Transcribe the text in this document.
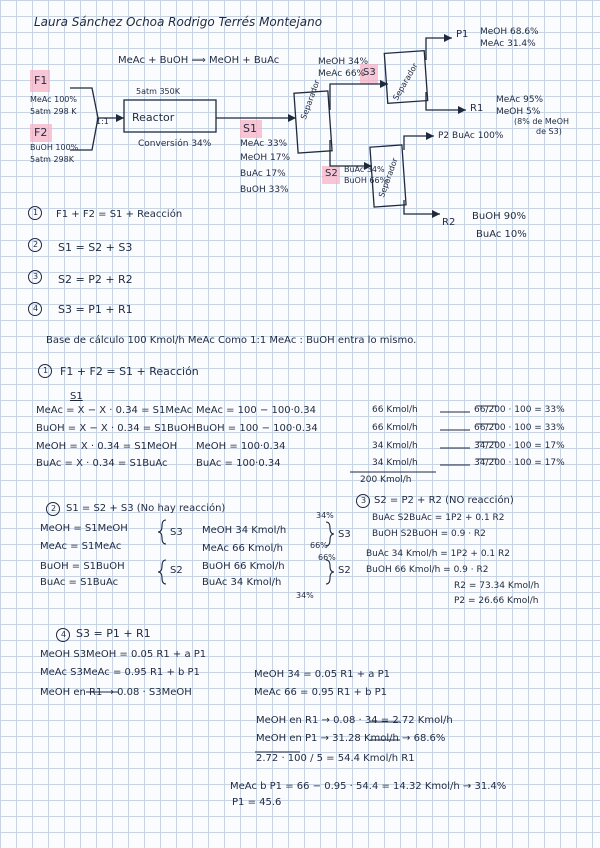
Laura Sánchez Ochoa Rodrigo Terrés Montejano
MeAc + BuOH ⟹ MeOH + BuAc
F1
MeAc 100%
5atm 298 K
F2
BuOH 100%
5atm 298K
1:1
5atm 350K
Reactor
Conversión 34%
S1
MeAc 33%
MeOH 17%
BuAc 17%
BuOH 33%
Separador
MeOH 34%
MeAc 66%
S3 Separador
S2 BuAc 34%
BuOH 66%
Separador
P1 MeOH 68.6%
MeAc 31.4%
R1
MeAc 95%
MeOH 5%
(8% de MeOH
de S3)
P2 BuAc 100%
R2
BuOH 90%
BuAc 10%
1 F1 + F2 = S1 + Reacción
2 S1 = S2 + S3
3 S2 = P2 + R2
4 S3 = P1 + R1
Base de cálculo 100 Kmol/h MeAc Como 1:1 MeAc : BuOH entra lo mismo.
1 F1 + F2 = S1 + Reacción
S1
MeAc = X − X · 0.34 = S1MeAc MeAc = 100 − 100·0.34	66 Kmol/h	66/200 · 100 = 33%
BuOH = X − X · 0.34 = S1BuOH BuOH = 100 − 100·0.34	66 Kmol/h	66/200 · 100 = 33%
MeOH = X · 0.34 = S1MeOH MeOH = 100·0.34	34 Kmol/h	34/200 · 100 = 17%
BuAc = X · 0.34 = S1BuAc	BuAc = 100·0.34	34 Kmol/h	34/200 · 100 = 17%
200 Kmol/h
2 S1 = S2 + S3 (No hay reacción)
MeOH = S1MeOH
MeAc = S1MeAc
BuOH = S1BuOH
BuAc = S1BuAc
S3
S2
MeOH 34 Kmol/h
MeAc 66 Kmol/h
BuOH 66 Kmol/h
BuAc 34 Kmol/h
34%
66%
66%
34%
S3
S2
3 S2 = P2 + R2 (NO reacción)
BuAc S2BuAc = 1P2 + 0.1 R2
BuOH S2BuOH = 0.9 · R2
BuAc 34 Kmol/h = 1P2 + 0.1 R2
BuOH 66 Kmol/h = 0.9 · R2
R2 = 73.34 Kmol/h
P2 = 26.66 Kmol/h
4 S3 = P1 + R1
MeOH S3MeOH = 0.05 R1 + a P1
MeAc S3MeAc = 0.95 R1 + b P1
MeOH en R1 → 0.08 · S3MeOH
MeOH 34 = 0.05 R1 + a P1
MeAc 66 = 0.95 R1 + b P1
MeOH en R1 → 0.08 · 34 = 2.72 Kmol/h
MeOH en P1 → 31.28 Kmol/h → 68.6%
2.72 · 100 / 5 = 54.4 Kmol/h R1
MeAc b P1 = 66 − 0.95 · 54.4 = 14.32 Kmol/h → 31.4%
P1 = 45.6
